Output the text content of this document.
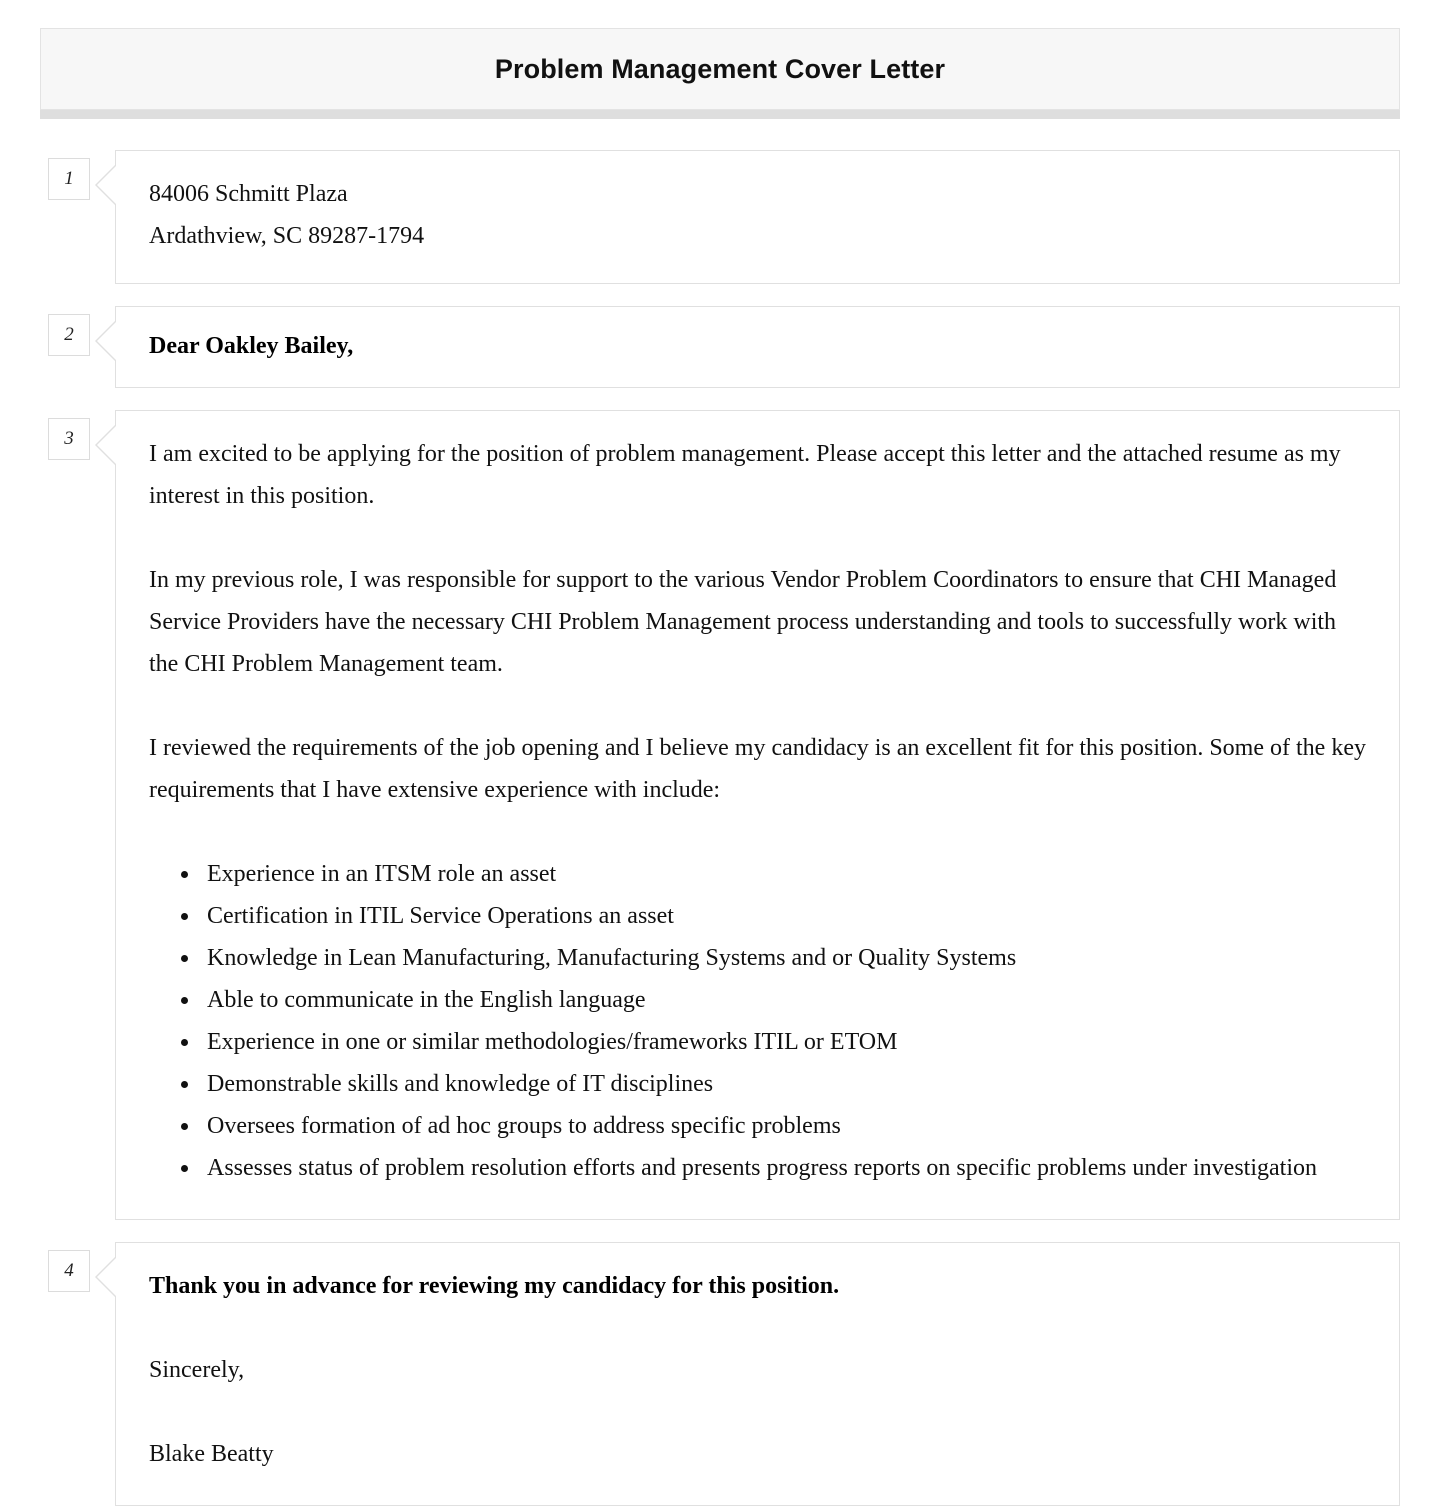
Problem Management Cover Letter
1
84006 Schmitt Plaza
Ardathview, SC 89287-1794
2	Dear Oakley Bailey,
3

I am excited to be applying for the position of problem management. Please accept this letter and the attached resume as my interest in this position.

In my previous role, I was responsible for support to the various Vendor Problem Coordinators to ensure that CHI Managed Service Providers have the necessary CHI Problem Management process understanding and tools to successfully work with the CHI Problem Management team.

I reviewed the requirements of the job opening and I believe my candidacy is an excellent fit for this position. Some of the key requirements that I have extensive experience with include:

• Experience in an ITSM role an asset
• Certification in ITIL Service Operations an asset
• Knowledge in Lean Manufacturing, Manufacturing Systems and or Quality Systems
• Able to communicate in the English language
• Experience in one or similar methodologies/frameworks ITIL or ETOM
• Demonstrable skills and knowledge of IT disciplines
• Oversees formation of ad hoc groups to address specific problems
• Assesses status of problem resolution efforts and presents progress reports on specific problems under investigation
4

Thank you in advance for reviewing my candidacy for this position.

Sincerely,

Blake Beatty
